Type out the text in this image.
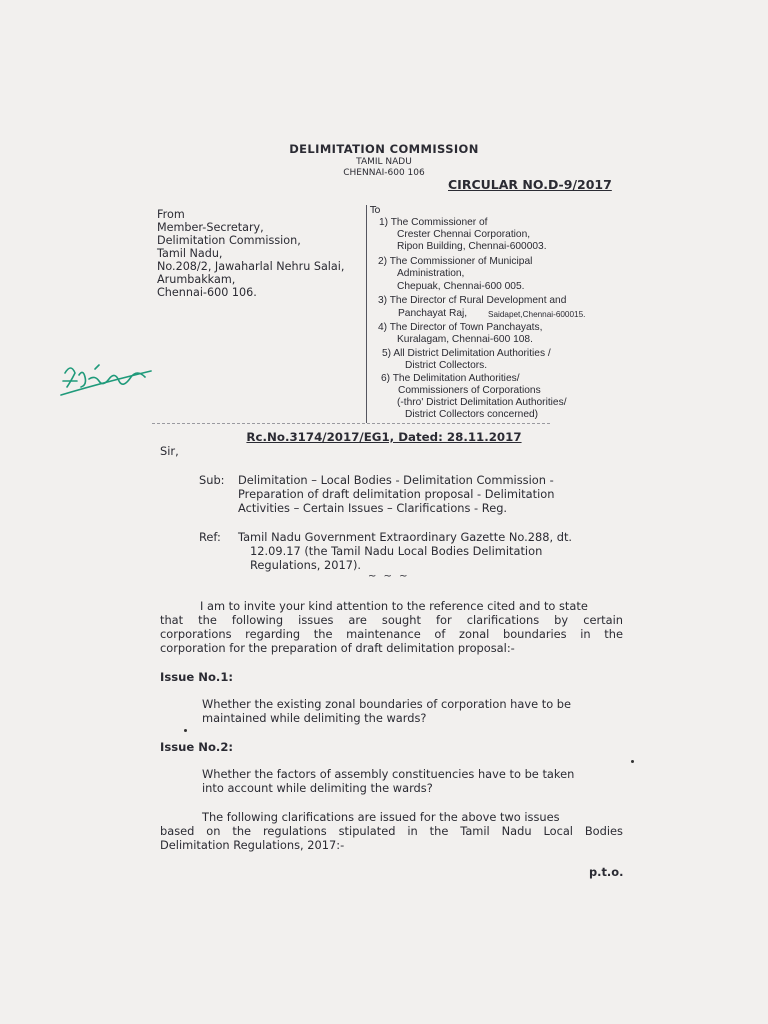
DELIMITATION COMMISSION
TAMIL NADU
CHENNAI-600 106
CIRCULAR NO.D-9/2017
From
Member-Secretary,
Delimitation Commission,
Tamil Nadu,
No.208/2, Jawaharlal Nehru Salai,
Arumbakkam,
Chennai-600 106.
To
1) The Commissioner of
Crester Chennai Corporation,
Ripon Building, Chennai-600003.
2) The Commissioner of Municipal
Administration,
Chepuak, Chennai-600 005.
3) The Director cf Rural Development and
Panchayat Raj,	Saidapet,Chennai-600015.
4) The Director of Town Panchayats,
Kuralagam, Chennai-600 108.
5) All District Delimitation Authorities /
District Collectors.
6) The Delimitation Authorities/
Commissioners of Corporations
(-thro' District Delimitation Authorities/
District Collectors concerned)
Rc.No.3174/2017/EG1, Dated: 28.11.2017
Sir,
Sub: Delimitation – Local Bodies - Delimitation Commission -
Preparation of draft delimitation proposal - Delimitation
Activities – Certain Issues – Clarifications - Reg.
Ref: Tamil Nadu Government Extraordinary Gazette No.288, dt.
12.09.17 (the Tamil Nadu Local Bodies Delimitation
Regulations, 2017).
~ ~ ~
I am to invite your kind attention to the reference cited and to state
that the following issues are sought for clarifications by certain
corporations regarding the maintenance of zonal boundaries in the
corporation for the preparation of draft delimitation proposal:-
Issue No.1:
Whether the existing zonal boundaries of corporation have to be
maintained while delimiting the wards?
Issue No.2:
Whether the factors of assembly constituencies have to be taken
into account while delimiting the wards?
The following clarifications are issued for the above two issues
based on the regulations stipulated in the Tamil Nadu Local Bodies
Delimitation Regulations, 2017:-
p.t.o.
